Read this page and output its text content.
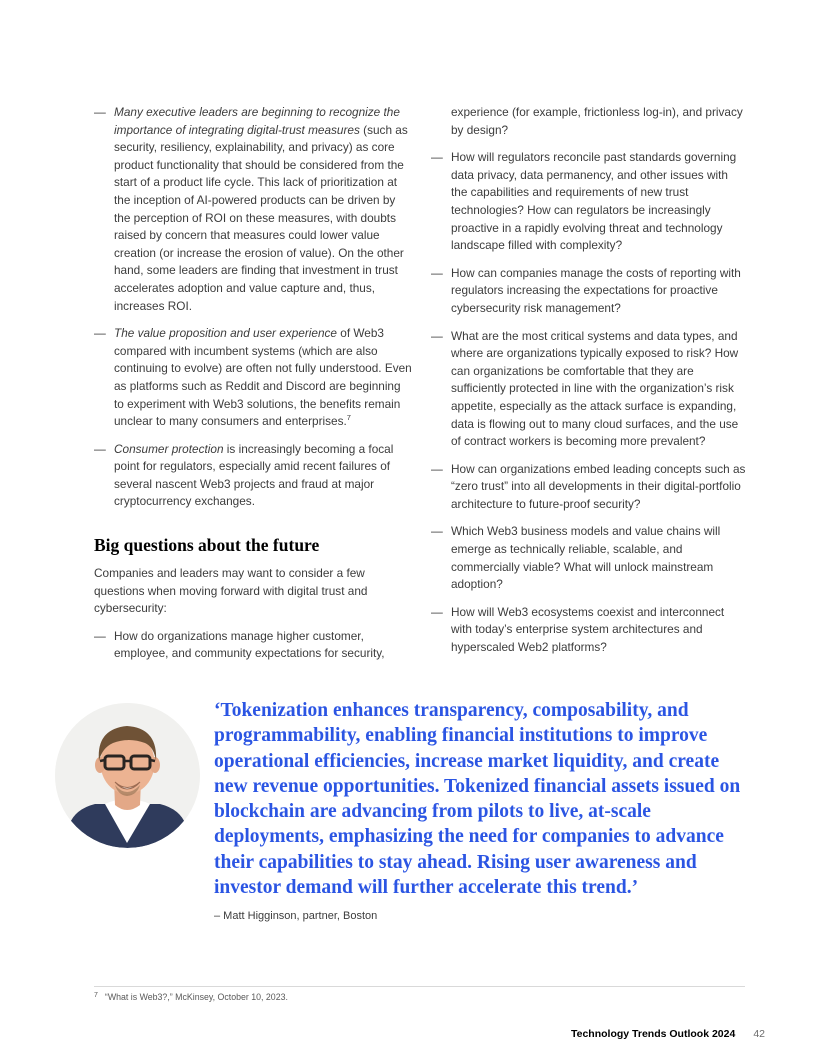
— Many executive leaders are beginning to recognize the importance of integrating digital-trust measures (such as security, resiliency, explainability, and privacy) as core product functionality that should be considered from the start of a product life cycle. This lack of prioritization at the inception of AI-powered products can be driven by the perception of ROI on these measures, with doubts raised by concern that measures could lower value creation (or increase the erosion of value). On the other hand, some leaders are finding that investment in trust accelerates adoption and value capture and, thus, increases ROI.
— The value proposition and user experience of Web3 compared with incumbent systems (which are also continuing to evolve) are often not fully understood. Even as platforms such as Reddit and Discord are beginning to experiment with Web3 solutions, the benefits remain unclear to many consumers and enterprises.$^7$
— Consumer protection is increasingly becoming a focal point for regulators, especially amid recent failures of several nascent Web3 projects and fraud at major cryptocurrency exchanges.
Big questions about the future

Companies and leaders may want to consider a few questions when moving forward with digital trust and cybersecurity:

— How do organizations manage higher customer, employee, and community expectations for security,
experience (for example, frictionless log-in), and privacy by design?
— How will regulators reconcile past standards governing data privacy, data permanency, and other issues with the capabilities and requirements of new trust technologies? How can regulators be increasingly proactive in a rapidly evolving threat and technology landscape filled with complexity?
— How can companies manage the costs of reporting with regulators increasing the expectations for proactive cybersecurity risk management?
— What are the most critical systems and data types, and where are organizations typically exposed to risk? How can organizations be comfortable that they are sufficiently protected in line with the organization’s risk appetite, especially as the attack surface is expanding, data is flowing out to many cloud surfaces, and the use of contract workers is becoming more prevalent?
— How can organizations embed leading concepts such as “zero trust” into all developments in their digital-portfolio architecture to future-proof security?
— Which Web3 business models and value chains will emerge as technically reliable, scalable, and commercially viable? What will unlock mainstream adoption?
— How will Web3 ecosystems coexist and interconnect with today’s enterprise system architectures and hyperscaled Web2 platforms?

‘Tokenization enhances transparency, composability, and programmability, enabling financial institutions to improve operational efficiencies, increase market liquidity, and create new revenue opportunities. Tokenized financial assets issued on blockchain are advancing from pilots to live, at-scale deployments, emphasizing the need for companies to advance their capabilities to stay ahead. Rising user awareness and investor demand will further accelerate this trend.’

– Matt Higginson, partner, Boston

$^7$ “What is Web3?,” McKinsey, October 10, 2023.

Technology Trends Outlook 2024 42
